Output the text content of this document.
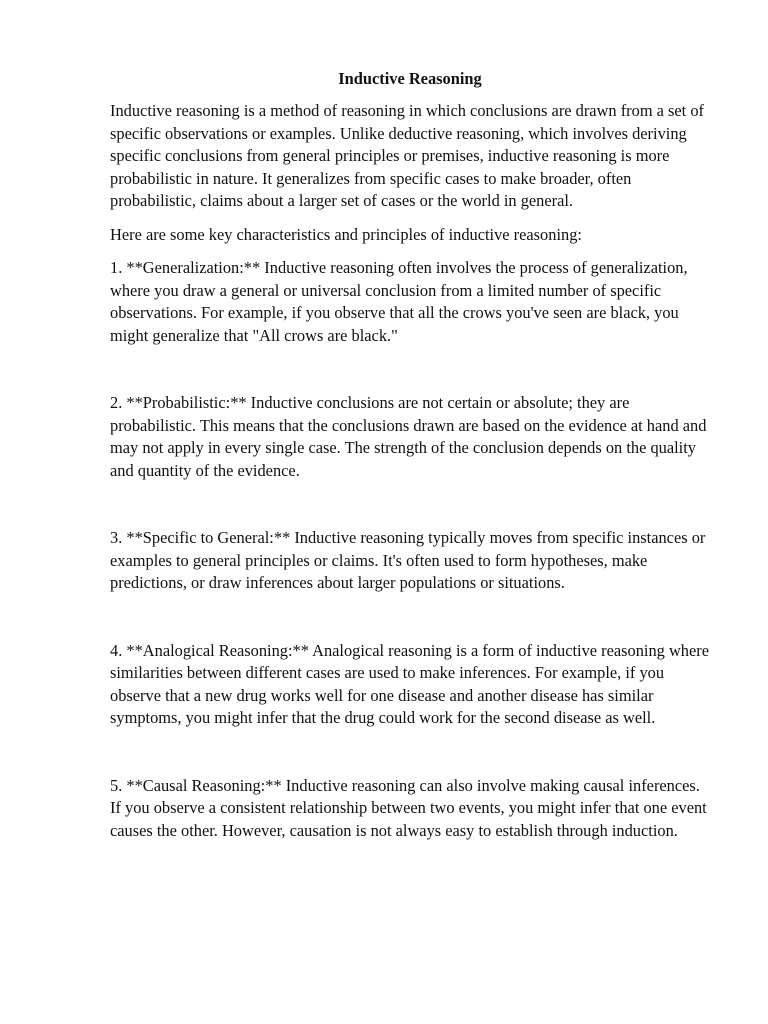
Inductive Reasoning

Inductive reasoning is a method of reasoning in which conclusions are drawn from a set of specific observations or examples. Unlike deductive reasoning, which involves deriving specific conclusions from general principles or premises, inductive reasoning is more probabilistic in nature. It generalizes from specific cases to make broader, often probabilistic, claims about a larger set of cases or the world in general.

Here are some key characteristics and principles of inductive reasoning:

1. **Generalization:** Inductive reasoning often involves the process of generalization, where you draw a general or universal conclusion from a limited number of specific observations. For example, if you observe that all the crows you've seen are black, you might generalize that "All crows are black."

2. **Probabilistic:** Inductive conclusions are not certain or absolute; they are probabilistic. This means that the conclusions drawn are based on the evidence at hand and may not apply in every single case. The strength of the conclusion depends on the quality and quantity of the evidence.

3. **Specific to General:** Inductive reasoning typically moves from specific instances or examples to general principles or claims. It's often used to form hypotheses, make predictions, or draw inferences about larger populations or situations.

4. **Analogical Reasoning:** Analogical reasoning is a form of inductive reasoning where similarities between different cases are used to make inferences. For example, if you observe that a new drug works well for one disease and another disease has similar symptoms, you might infer that the drug could work for the second disease as well.

5. **Causal Reasoning:** Inductive reasoning can also involve making causal inferences. If you observe a consistent relationship between two events, you might infer that one event causes the other. However, causation is not always easy to establish through induction.
